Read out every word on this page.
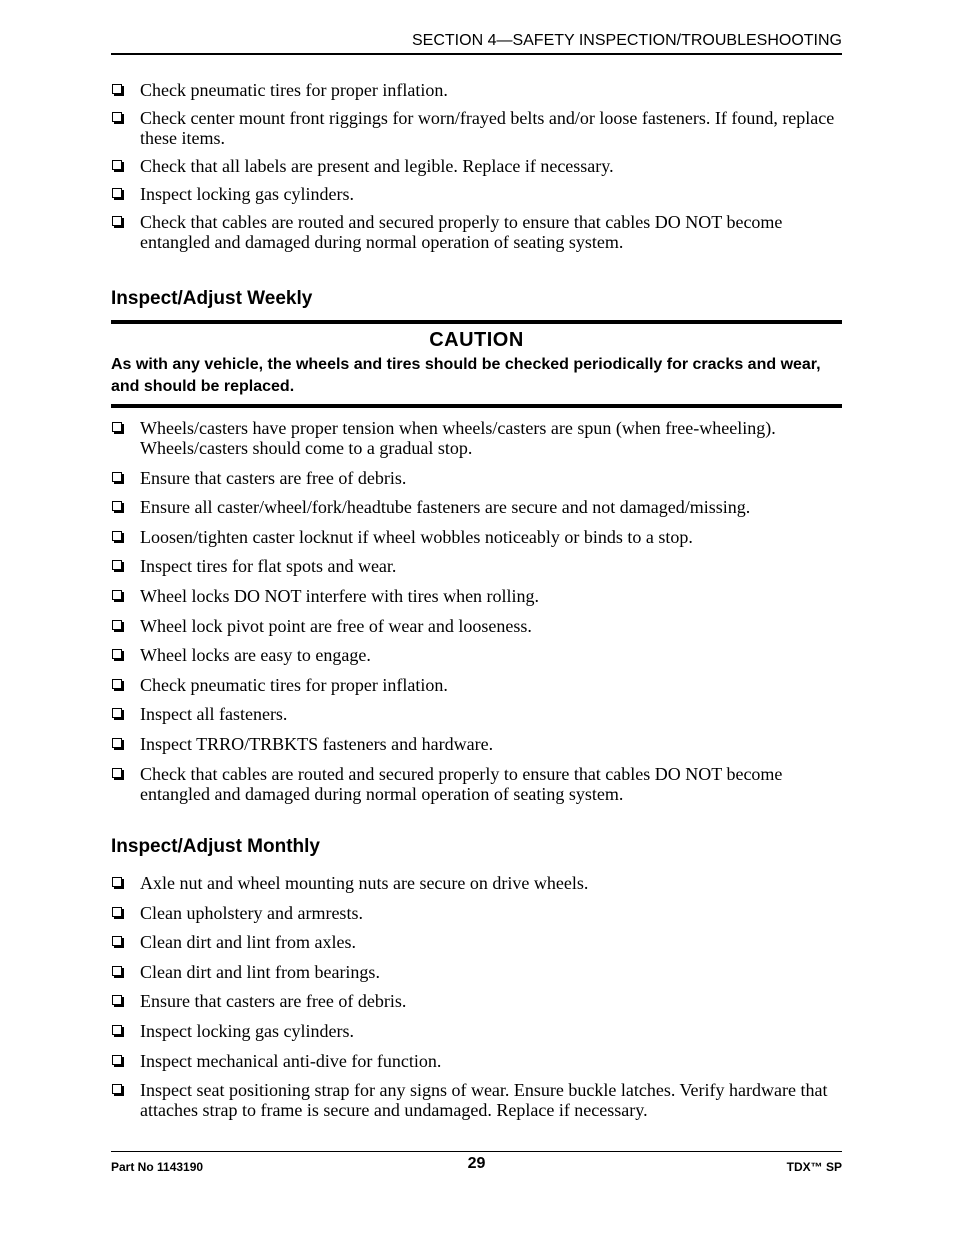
SECTION 4—SAFETY INSPECTION/TROUBLESHOOTING
Check pneumatic tires for proper inflation.
Check center mount front riggings for worn/frayed belts and/or loose fasteners. If found, replace these items.
Check that all labels are present and legible. Replace if necessary.
Inspect locking gas cylinders.
Check that cables are routed and secured properly to ensure that cables DO NOT become entangled and damaged during normal operation of seating system.
Inspect/Adjust Weekly
CAUTION
As with any vehicle, the wheels and tires should be checked periodically for cracks and wear, and should be replaced.
Wheels/casters have proper tension when wheels/casters are spun (when free-wheeling). Wheels/casters should come to a gradual stop.
Ensure that casters are free of debris.
Ensure all caster/wheel/fork/headtube fasteners are secure and not damaged/missing.
Loosen/tighten caster locknut if wheel wobbles noticeably or binds to a stop.
Inspect tires for flat spots and wear.
Wheel locks DO NOT interfere with tires when rolling.
Wheel lock pivot point are free of wear and looseness.
Wheel locks are easy to engage.
Check pneumatic tires for proper inflation.
Inspect all fasteners.
Inspect TRRO/TRBKTS fasteners and hardware.
Check that cables are routed and secured properly to ensure that cables DO NOT become entangled and damaged during normal operation of seating system.
Inspect/Adjust Monthly
Axle nut and wheel mounting nuts are secure on drive wheels.
Clean upholstery and armrests.
Clean dirt and lint from axles.
Clean dirt and lint from bearings.
Ensure that casters are free of debris.
Inspect locking gas cylinders.
Inspect mechanical anti-dive for function.
Inspect seat positioning strap for any signs of wear. Ensure buckle latches. Verify hardware that attaches strap to frame is secure and undamaged. Replace if necessary.
Part No 1143190	29	TDX™ SP
